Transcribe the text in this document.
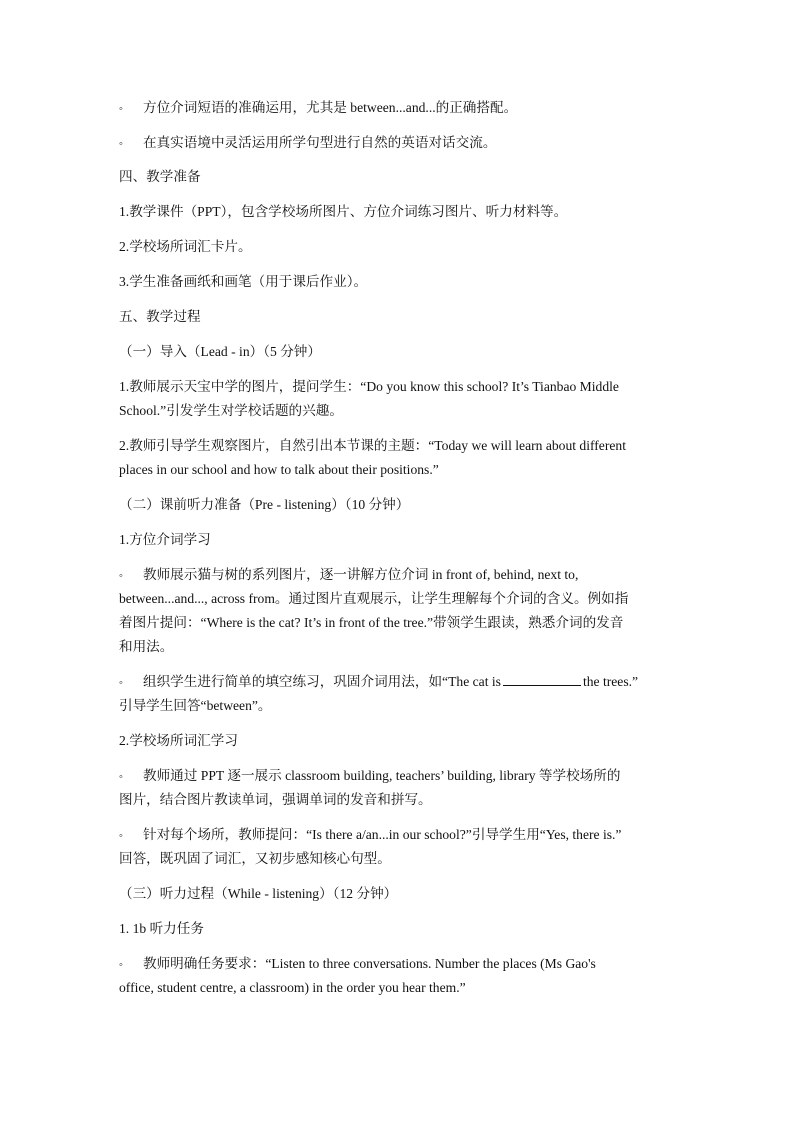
◦ 方位介词短语的准确运用，尤其是 between...and...的正确搭配。
◦ 在真实语境中灵活运用所学句型进行自然的英语对话交流。
四、教学准备
1.教学课件（PPT），包含学校场所图片、方位介词练习图片、听力材料等。
2.学校场所词汇卡片。
3.学生准备画纸和画笔（用于课后作业）。
五、教学过程
（一）导入（Lead - in）（5 分钟）
1.教师展示天宝中学的图片，提问学生：“Do you know this school? It’s Tianbao Middle
School.”引发学生对学校话题的兴趣。
2.教师引导学生观察图片，自然引出本节课的主题：“Today we will learn about different
places in our school and how to talk about their positions.”
（二）课前听力准备（Pre - listening）（10 分钟）
1.方位介词学习
◦ 教师展示猫与树的系列图片，逐一讲解方位介词 in front of, behind, next to,
between...and..., across from。通过图片直观展示，让学生理解每个介词的含义。例如指
着图片提问：“Where is the cat? It’s in front of the tree.”带领学生跟读，熟悉介词的发音
和用法。
◦ 组织学生进行简单的填空练习，巩固介词用法，如“The cat is	the trees.”
引导学生回答“between”。
2.学校场所词汇学习
◦ 教师通过 PPT 逐一展示 classroom building, teachers’ building, library 等学校场所的
图片，结合图片教读单词，强调单词的发音和拼写。
◦ 针对每个场所，教师提问：“Is there a/an...in our school?”引导学生用“Yes, there is.”
回答，既巩固了词汇，又初步感知核心句型。
（三）听力过程（While - listening）（12 分钟）
1. 1b 听力任务
◦ 教师明确任务要求：“Listen to three conversations. Number the places (Ms Gao's
office, student centre, a classroom) in the order you hear them.”
